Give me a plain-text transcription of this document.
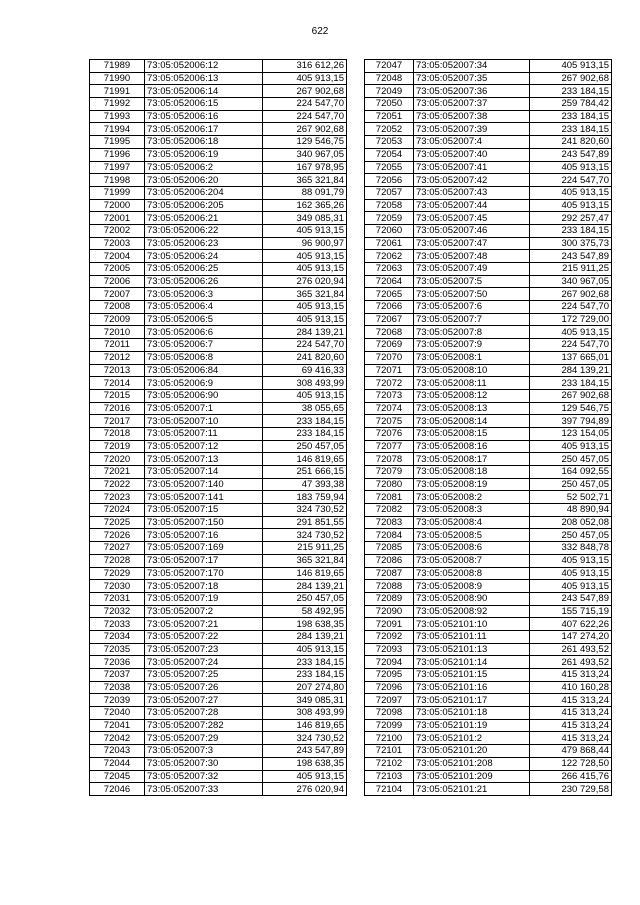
622
71989	73:05:052006:12	316 612,26
71990	73:05:052006:13	405 913,15
71991	73:05:052006:14	267 902,68
71992	73:05:052006:15	224 547,70
71993	73:05:052006:16	224 547,70
71994	73:05:052006:17	267 902,68
71995	73:05:052006:18	129 546,75
71996	73:05:052006:19	340 967,05
71997	73:05:052006:2	167 978,95
71998	73:05:052006:20	365 321,84
71999	73:05:052006:204	88 091,79
72000	73:05:052006:205	162 365,26
72001	73:05:052006:21	349 085,31
72002	73:05:052006:22	405 913,15
72003	73:05:052006:23	96 900,97
72004	73:05:052006:24	405 913,15
72005	73:05:052006:25	405 913,15
72006	73:05:052006:26	276 020,94
72007	73:05:052006:3	365 321,84
72008	73:05:052006:4	405 913,15
72009	73:05:052006:5	405 913,15
72010	73:05:052006:6	284 139,21
72011	73:05:052006:7	224 547,70
72012	73:05:052006:8	241 820,60
72013	73:05:052006:84	69 416,33
72014	73:05:052006:9	308 493,99
72015	73:05:052006:90	405 913,15
72016	73:05:052007:1	38 055,65
72017	73:05:052007:10	233 184,15
72018	73:05:052007:11	233 184,15
72019	73:05:052007:12	250 457,05
72020	73:05:052007:13	146 819,65
72021	73:05:052007:14	251 666,15
72022	73:05:052007:140	47 393,38
72023	73:05:052007:141	183 759,94
72024	73:05:052007:15	324 730,52
72025	73:05:052007:150	291 851,55
72026	73:05:052007:16	324 730,52
72027	73:05:052007:169	215 911,25
72028	73:05:052007:17	365 321,84
72029	73:05:052007:170	146 819,65
72030	73:05:052007:18	284 139,21
72031	73:05:052007:19	250 457,05
72032	73:05:052007:2	58 492,95
72033	73:05:052007:21	198 638,35
72034	73:05:052007:22	284 139,21
72035	73:05:052007:23	405 913,15
72036	73:05:052007:24	233 184,15
72037	73:05:052007:25	233 184,15
72038	73:05:052007:26	207 274,80
72039	73:05:052007:27	349 085,31
72040	73:05:052007:28	308 493,99
72041	73:05:052007:282	146 819,65
72042	73:05:052007:29	324 730,52
72043	73:05:052007:3	243 547,89
72044	73:05:052007:30	198 638,35
72045	73:05:052007:32	405 913,15
72046	73:05:052007:33	276 020,94
72047	73:05:052007:34	405 913,15
72048	73:05:052007:35	267 902,68
72049	73:05:052007:36	233 184,15
72050	73:05:052007:37	259 784,42
72051	73:05:052007:38	233 184,15
72052	73:05:052007:39	233 184,15
72053	73:05:052007:4	241 820,60
72054	73:05:052007:40	243 547,89
72055	73:05:052007:41	405 913,15
72056	73:05:052007:42	224 547,70
72057	73:05:052007:43	405 913,15
72058	73:05:052007:44	405 913,15
72059	73:05:052007:45	292 257,47
72060	73:05:052007:46	233 184,15
72061	73:05:052007:47	300 375,73
72062	73:05:052007:48	243 547,89
72063	73:05:052007:49	215 911,25
72064	73:05:052007:5	340 967,05
72065	73:05:052007:50	267 902,68
72066	73:05:052007:6	224 547,70
72067	73:05:052007:7	172 729,00
72068	73:05:052007:8	405 913,15
72069	73:05:052007:9	224 547,70
72070	73:05:052008:1	137 665,01
72071	73:05:052008:10	284 139,21
72072	73:05:052008:11	233 184,15
72073	73:05:052008:12	267 902,68
72074	73:05:052008:13	129 546,75
72075	73:05:052008:14	397 794,89
72076	73:05:052008:15	123 154,05
72077	73:05:052008:16	405 913,15
72078	73:05:052008:17	250 457,05
72079	73:05:052008:18	164 092,55
72080	73:05:052008:19	250 457,05
72081	73:05:052008:2	52 502,71
72082	73:05:052008:3	48 890,94
72083	73:05:052008:4	208 052,08
72084	73:05:052008:5	250 457,05
72085	73:05:052008:6	332 848,78
72086	73:05:052008:7	405 913,15
72087	73:05:052008:8	405 913,15
72088	73:05:052008:9	405 913,15
72089	73:05:052008:90	243 547,89
72090	73:05:052008:92	155 715,19
72091	73:05:052101:10	407 622,26
72092	73:05:052101:11	147 274,20
72093	73:05:052101:13	261 493,52
72094	73:05:052101:14	261 493,52
72095	73:05:052101:15	415 313,24
72096	73:05:052101:16	410 160,28
72097	73:05:052101:17	415 313,24
72098	73:05:052101:18	415 313,24
72099	73:05:052101:19	415 313,24
72100	73:05:052101:2	415 313,24
72101	73:05:052101:20	479 868,44
72102	73:05:052101:208	122 728,50
72103	73:05:052101:209	266 415,76
72104	73:05:052101:21	230 729,58
